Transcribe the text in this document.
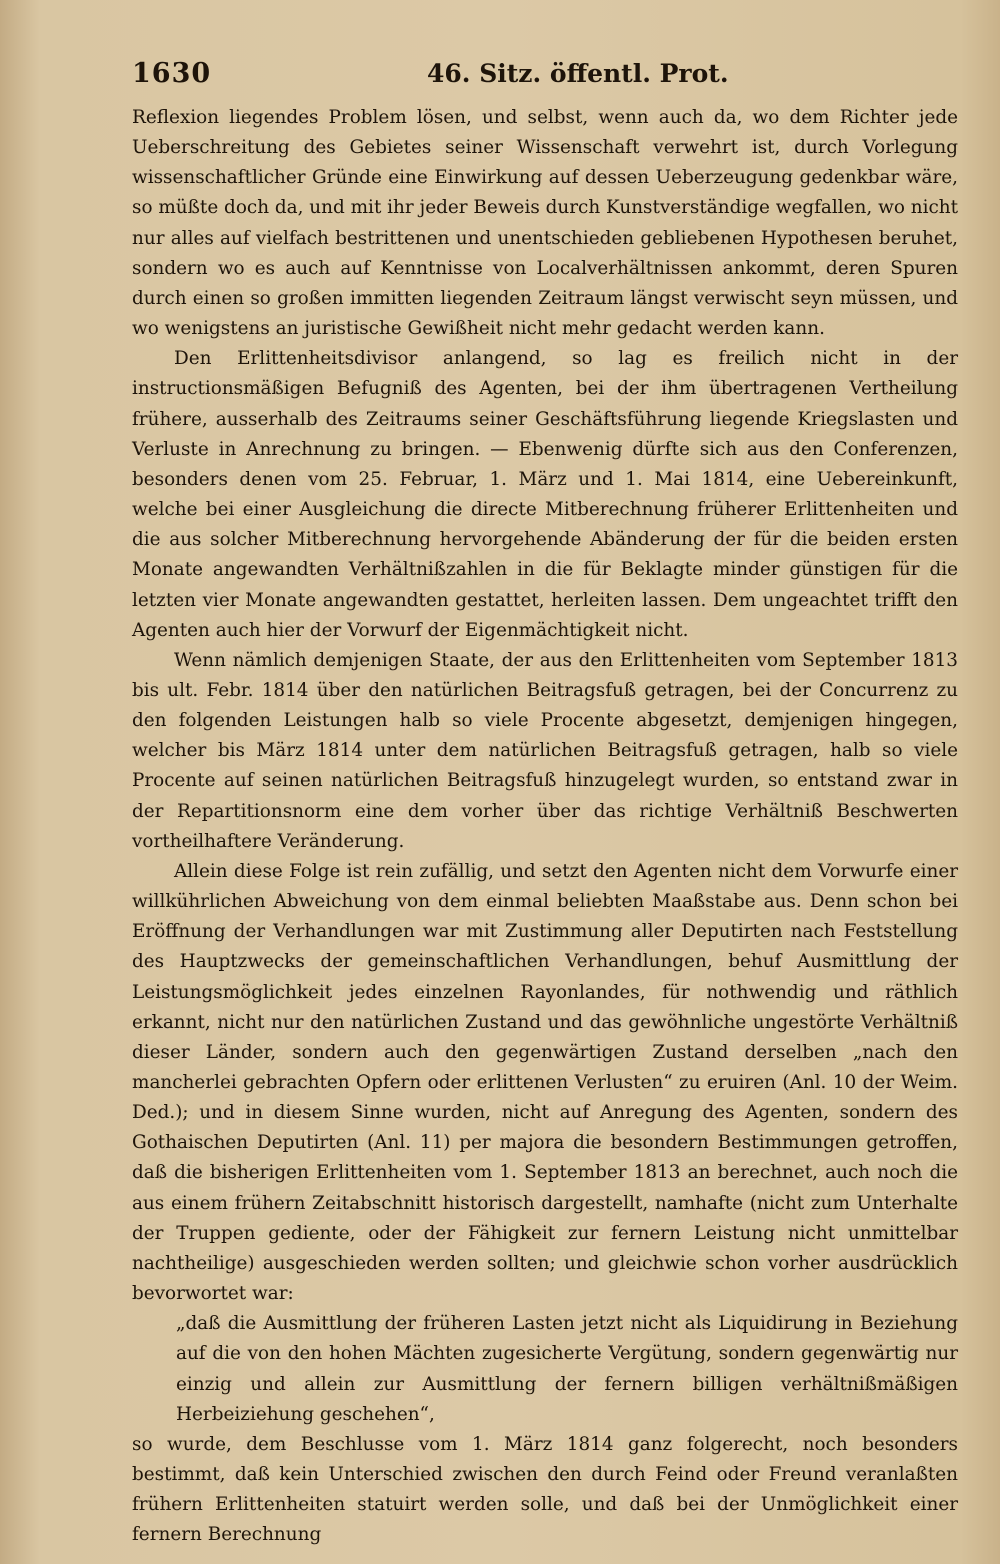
1630	46. Sitz. öffentl. Prot.

Reflexion liegendes Problem lösen, und selbst, wenn auch da, wo dem Richter jede Ueberschreitung des Gebietes seiner Wissenschaft verwehrt ist, durch Vorlegung wissenschaftlicher Gründe eine Einwirkung auf dessen Ueberzeugung gedenkbar wäre, so müßte doch da, und mit ihr jeder Beweis durch Kunstverständige wegfallen, wo nicht nur alles auf vielfach bestrittenen und unentschieden gebliebenen Hypothesen beruhet, sondern wo es auch auf Kenntnisse von Localverhältnissen ankommt, deren Spuren durch einen so großen immitten liegenden Zeitraum längst verwischt seyn müssen, und wo wenigstens an juristische Gewißheit nicht mehr gedacht werden kann.

Den Erlittenheitsdivisor anlangend, so lag es freilich nicht in der instructionsmäßigen Befugniß des Agenten, bei der ihm übertragenen Vertheilung frühere, ausserhalb des Zeitraums seiner Geschäftsführung liegende Kriegslasten und Verluste in Anrechnung zu bringen. — Ebenwenig dürfte sich aus den Conferenzen, besonders denen vom 25. Februar, 1. März und 1. Mai 1814, eine Uebereinkunft, welche bei einer Ausgleichung die directe Mitberechnung früherer Erlittenheiten und die aus solcher Mitberechnung hervorgehende Abänderung der für die beiden ersten Monate angewandten Verhältnißzahlen in die für Beklagte minder günstigen für die letzten vier Monate angewandten gestattet, herleiten lassen. Dem ungeachtet trifft den Agenten auch hier der Vorwurf der Eigenmächtigkeit nicht.

Wenn nämlich demjenigen Staate, der aus den Erlittenheiten vom September 1813 bis ult. Febr. 1814 über den natürlichen Beitragsfuß getragen, bei der Concurrenz zu den folgenden Leistungen halb so viele Procente abgesetzt, demjenigen hingegen, welcher bis März 1814 unter dem natürlichen Beitragsfuß getragen, halb so viele Procente auf seinen natürlichen Beitragsfuß hinzugelegt wurden, so entstand zwar in der Repartitionsnorm eine dem vorher über das richtige Verhältniß Beschwerten vortheilhaftere Veränderung.

Allein diese Folge ist rein zufällig, und setzt den Agenten nicht dem Vorwurfe einer willkührlichen Abweichung von dem einmal beliebten Maaßstabe aus. Denn schon bei Eröffnung der Verhandlungen war mit Zustimmung aller Deputirten nach Feststellung des Hauptzwecks der gemeinschaftlichen Verhandlungen, behuf Ausmittlung der Leistungsmöglichkeit jedes einzelnen Rayonlandes, für nothwendig und räthlich erkannt, nicht nur den natürlichen Zustand und das gewöhnliche ungestörte Verhältniß dieser Länder, sondern auch den gegenwärtigen Zustand derselben „nach den mancherlei gebrachten Opfern oder erlittenen Verlusten“ zu eruiren (Anl. 10 der Weim. Ded.); und in diesem Sinne wurden, nicht auf Anregung des Agenten, sondern des Gothaischen Deputirten (Anl. 11) per majora die besondern Bestimmungen getroffen, daß die bisherigen Erlittenheiten vom 1. September 1813 an berechnet, auch noch die aus einem frühern Zeitabschnitt historisch dargestellt, namhafte (nicht zum Unterhalte der Truppen gediente, oder der Fähigkeit zur fernern Leistung nicht unmittelbar nachtheilige) ausgeschieden werden sollten; und gleichwie schon vorher ausdrücklich bevorwortet war:

„daß die Ausmittlung der früheren Lasten jetzt nicht als Liquidirung in Beziehung auf die von den hohen Mächten zugesicherte Vergütung, sondern gegenwärtig nur einzig und allein zur Ausmittlung der fernern billigen verhältnißmäßigen Herbeiziehung geschehen“,

so wurde, dem Beschlusse vom 1. März 1814 ganz folgerecht, noch besonders bestimmt, daß kein Unterschied zwischen den durch Feind oder Freund veranlaßten frühern Erlittenheiten statuirt werden solle, und daß bei der Unmöglichkeit einer fernern Berechnung
